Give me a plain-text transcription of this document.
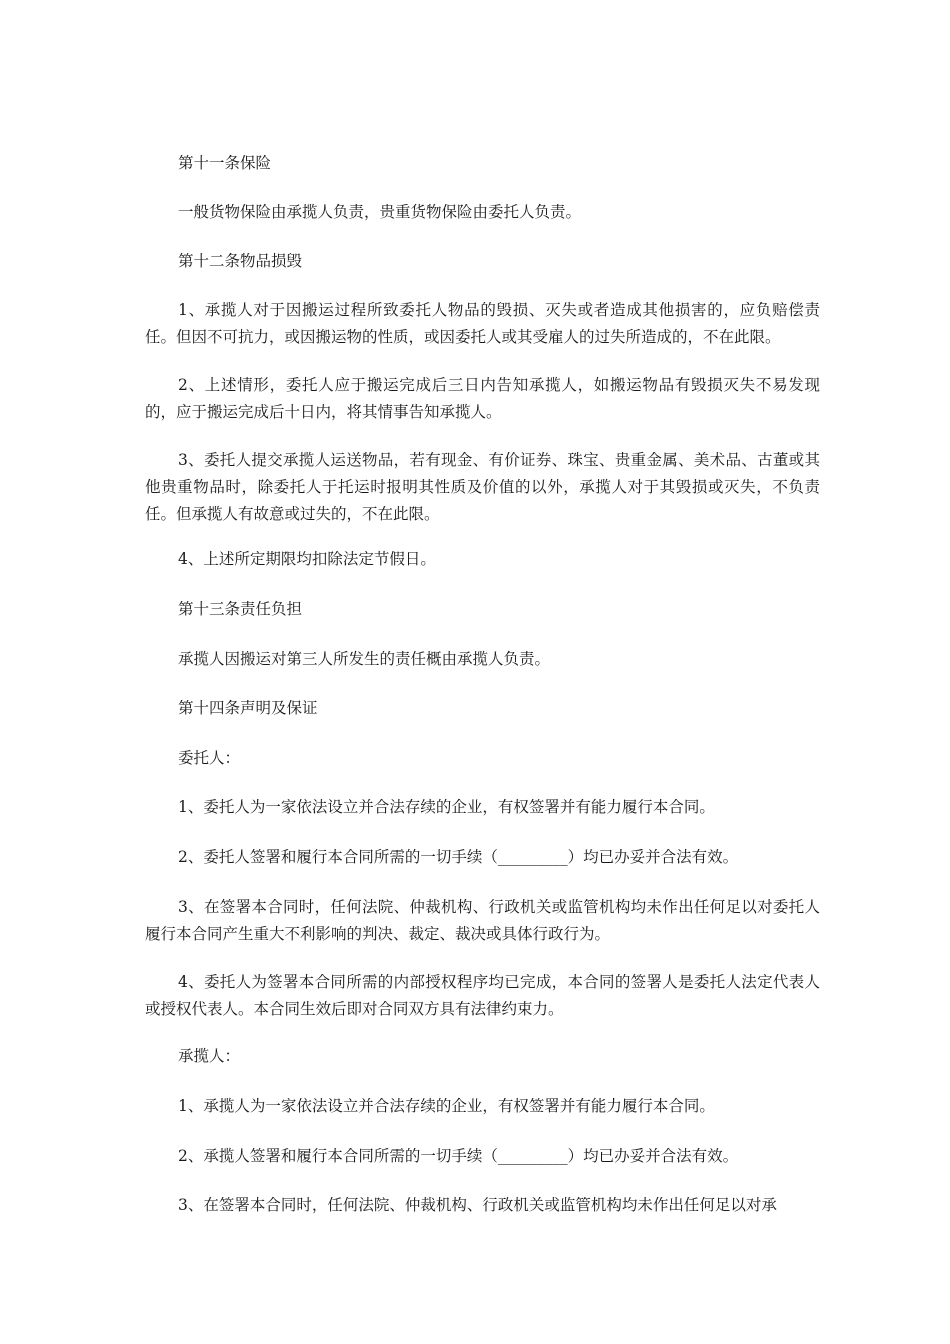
第十一条保险

一般货物保险由承揽人负责，贵重货物保险由委托人负责。

第十二条物品损毁

1、承揽人对于因搬运过程所致委托人物品的毁损、灭失或者造成其他损害的，应负赔偿责任。但因不可抗力，或因搬运物的性质，或因委托人或其受雇人的过失所造成的，不在此限。

2、上述情形，委托人应于搬运完成后三日内告知承揽人，如搬运物品有毁损灭失不易发现的，应于搬运完成后十日内，将其情事告知承揽人。

3、委托人提交承揽人运送物品，若有现金、有价证券、珠宝、贵重金属、美术品、古董或其他贵重物品时，除委托人于托运时报明其性质及价值的以外，承揽人对于其毁损或灭失，不负责任。但承揽人有故意或过失的，不在此限。

4、上述所定期限均扣除法定节假日。

第十三条责任负担

承揽人因搬运对第三人所发生的责任概由承揽人负责。

第十四条声明及保证

委托人：

1、委托人为一家依法设立并合法存续的企业，有权签署并有能力履行本合同。

2、委托人签署和履行本合同所需的一切手续（_________）均已办妥并合法有效。

3、在签署本合同时，任何法院、仲裁机构、行政机关或监管机构均未作出任何足以对委托人履行本合同产生重大不利影响的判决、裁定、裁决或具体行政行为。

4、委托人为签署本合同所需的内部授权程序均已完成，本合同的签署人是委托人法定代表人或授权代表人。本合同生效后即对合同双方具有法律约束力。

承揽人：

1、承揽人为一家依法设立并合法存续的企业，有权签署并有能力履行本合同。

2、承揽人签署和履行本合同所需的一切手续（_________）均已办妥并合法有效。

3、在签署本合同时，任何法院、仲裁机构、行政机关或监管机构均未作出任何足以对承
